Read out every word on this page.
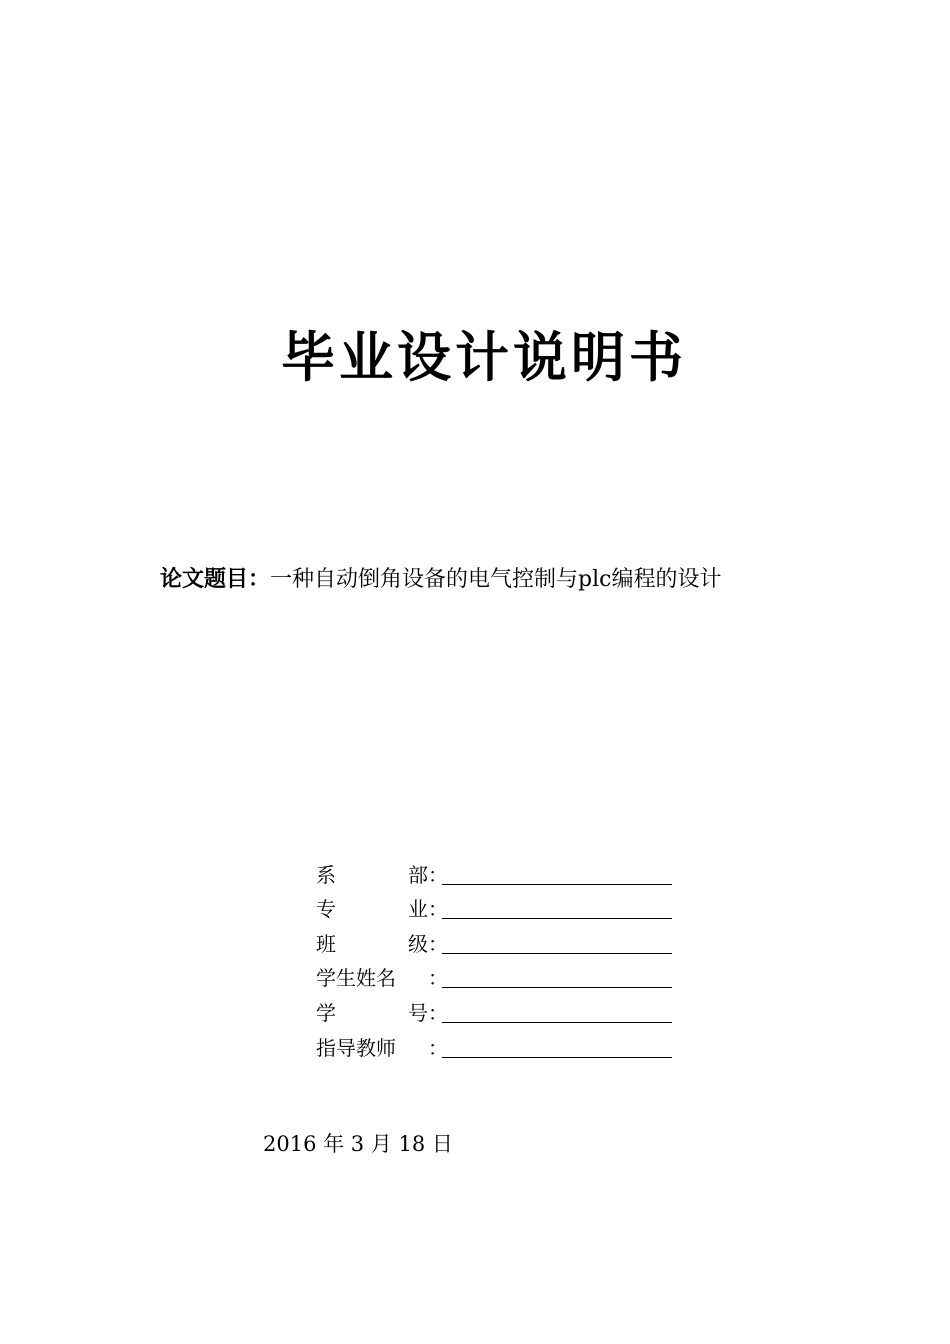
毕业设计说明书
论文题目：一种自动倒角设备的电气控制与plc编程的设计
系	部 ：
专	业 ：
班	级 ：
学生姓名 ：
学	号 ：
指导教师 ：
2016 年 3 月 18 日
